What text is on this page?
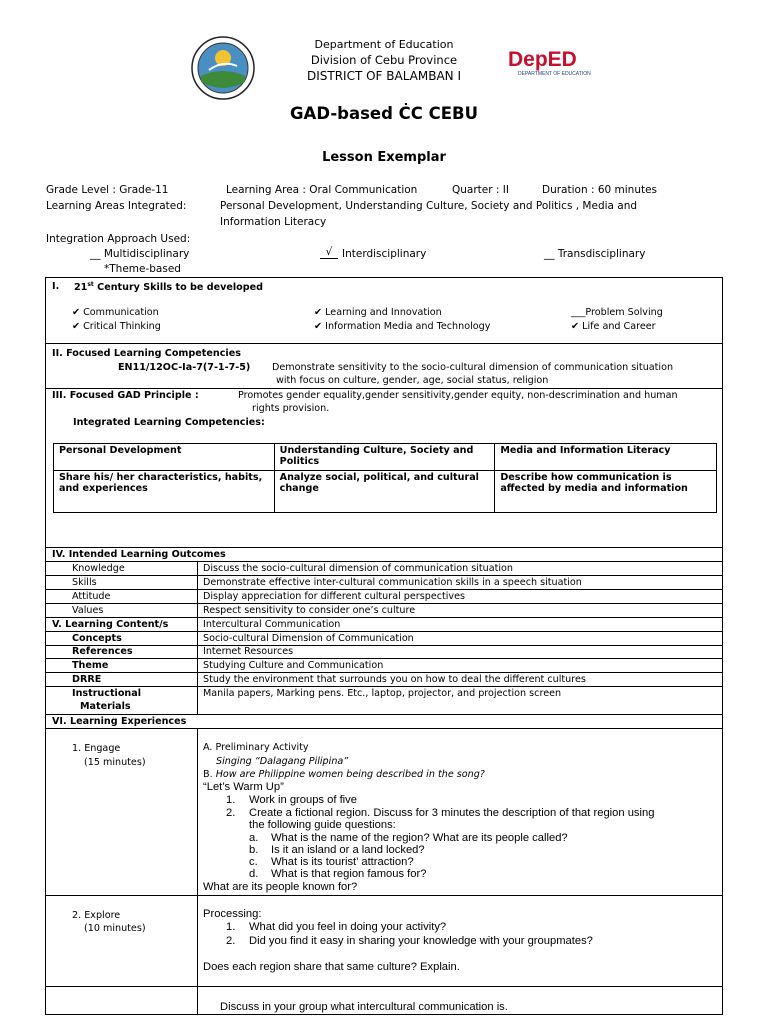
Department of Education
Division of Cebu Province
DISTRICT OF BALAMBAN I
DepED
DEPARTMENT OF EDUCATION
GAD-based ĊC CEBU
Lesson Exemplar
Grade Level : Grade-11	Learning Area : Oral Communication	Quarter : II	Duration : 60 minutes
Learning Areas Integrated:	Personal Development, Understanding Culture, Society and Politics , Media and
Information Literacy
Integration Approach Used:
__ Multidisciplinary	√ Interdisciplinary	__ Transdisciplinary
*Theme-based
I. 21st Century Skills to be developed
✔ Communication
✔ Critical Thinking
✔ Learning and Innovation
✔ Information Media and Technology
___Problem Solving
✔ Life and Career
II. Focused Learning Competencies
EN11/12OC-Ia-7(7-1-7-5) Demonstrate sensitivity to the socio-cultural dimension of communication situation
with focus on culture, gender, age, social status, religion
III. Focused GAD Principle :	Promotes gender equality,gender sensitivity,gender equity, non-descrimination and human
rights provision.
Integrated Learning Competencies:
Personal Development	Understanding Culture, Society and Politics	Media and Information Literacy
Share his/ her characteristics, habits, and experiences	Analyze social, political, and cultural change	Describe how communication is affected by media and information
IV. Intended Learning Outcomes
Knowledge	Discuss the socio-cultural dimension of communication situation
Skills	Demonstrate effective inter-cultural communication skills in a speech situation
Attitude	Display appreciation for different cultural perspectives
Values	Respect sensitivity to consider one’s culture
V. Learning Content/s	Intercultural Communication
Concepts	Socio-cultural Dimension of Communication
References	Internet Resources
Theme	Studying Culture and Communication
DRRE	Study the environment that surrounds you on how to deal the different cultures
Instructional
Materials
Manila papers, Marking pens. Etc., laptop, projector, and projection screen
VI. Learning Experiences
1. Engage
(15 minutes)
A. Preliminary Activity
Singing “Dalagang Pilipina”
B. How are Philippine women being described in the song?
“Let’s Warm Up”
1. Work in groups of five
2. Create a fictional region. Discuss for 3 minutes the description of that region using
the following guide questions:
a. What is the name of the region? What are its people called?
b. Is it an island or a land locked?
c. What is its tourist’ attraction?
d. What is that region famous for?
What are its people known for?
2. Explore
(10 minutes)
Processing:
1. What did you feel in doing your activity?
2. Did you find it easy in sharing your knowledge with your groupmates?
Does each region share that same culture? Explain.
Discuss in your group what intercultural communication is.
